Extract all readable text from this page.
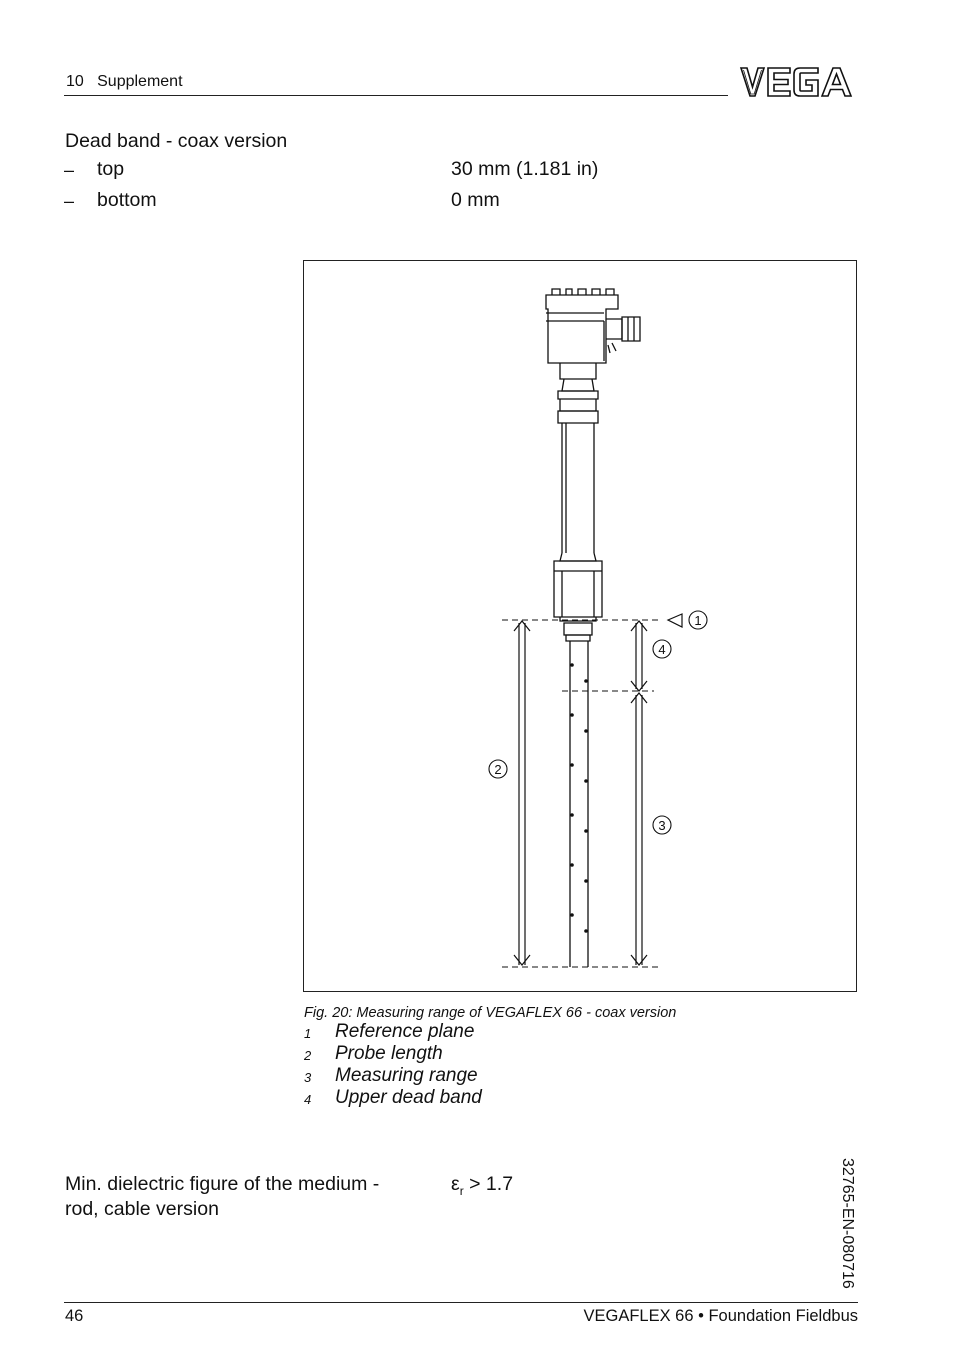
10   Supplement
Dead band - coax version
– top	30 mm (1.181 in)
– bottom	0 mm
1
2
3
4
Fig. 20: Measuring range of VEGAFLEX 66 - coax version
1 Reference plane
2 Probe length
3 Measuring range
4 Upper dead band
Min. dielectric figure of the medium -
rod, cable version
$\varepsilon_r > 1.7$	32765-EN-080716
46	VEGAFLEX 66 • Foundation Fieldbus
